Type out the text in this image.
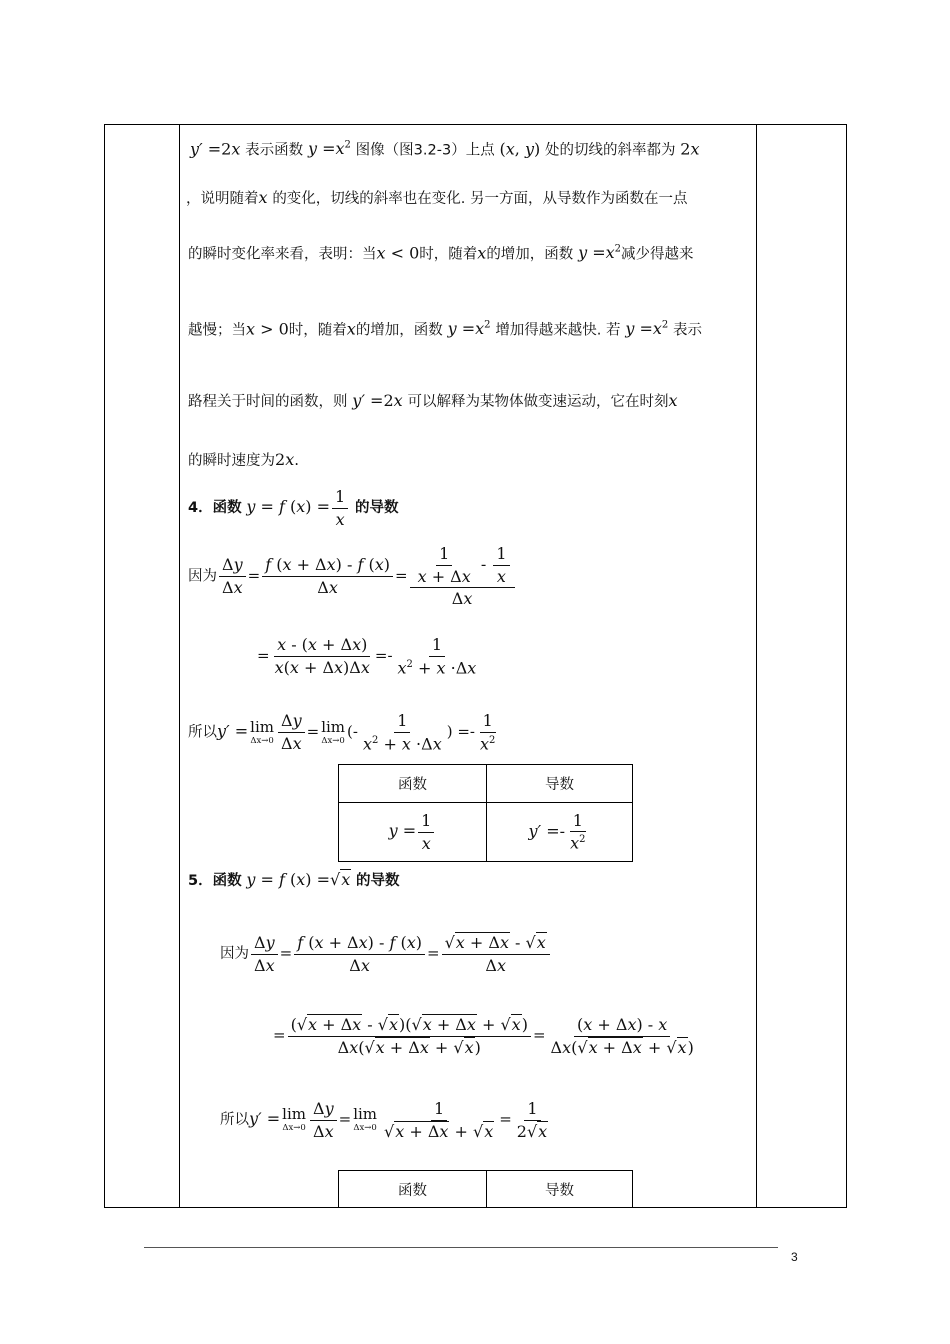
y′ =2x 表示函数 $y =x^2$ 图像（图3.2-3）上点 (x, y) 处的切线的斜率都为 2x
，说明随着x 的变化，切线的斜率也在变化. 另一方面，从导数作为函数在一点
的瞬时变化率来看，表明：当x < 0时，随着x的增加，函数 $y =x^2$减少得越来
越慢；当x > 0时，随着x的增加，函数 $y =x^2$ 增加得越来越快. 若 $y =x^2$ 表示
路程关于时间的函数，则 y′ =2x 可以解释为某物体做变速运动，它在时刻x
的瞬时速度为2x.
4．函数 y = f $(x) = \frac{1}{x}$ 的导数
因为 $\frac{\Delta y}{\Delta x} = \frac{f (x + \Delta x) - f (x)}{\Delta x} = \frac{\frac{1}{x + \Delta x} - \frac{1}{x}}{\Delta x}$
= $\frac{x - (x + \Delta x)}{x(x + \Delta x)\Delta x} =- \frac{1}{x^2 + x \cdot\Delta x}$
所以y′ = lim
$\Delta x\to 0 \frac{\Delta y}{\Delta x} = \lim$
Δx→0
(- $\frac{1}{x^2 + x \cdot\Delta x}$ ) =- $\frac{1}{x^2}$
函数	导数
$y = \frac{1}{x}$	$y' =- \frac{1}{x^2}$
5．函数 y = f (x) =√x 的导数
因为 $\frac{\Delta y}{\Delta x} = \frac{f (x + \Delta x) - f (x)}{\Delta x} = \frac{√x + \Delta x - √x}{\Delta x}$
= $\frac{(√x + \Delta x - √x)(√x + \Delta x + √x)}{\Delta x(√x + \Delta x + √x)} = \frac{(x + \Delta x) - x}{\Delta x(√x + \Delta x + √x)}$
所以y′ = lim
$\Delta x\to 0 \frac{\Delta y}{\Delta x} = \lim$
$\Delta x\to 0 \frac{1}{√x + \Delta x + √x} = \frac{1}{2√x}$
函数	导数
3
